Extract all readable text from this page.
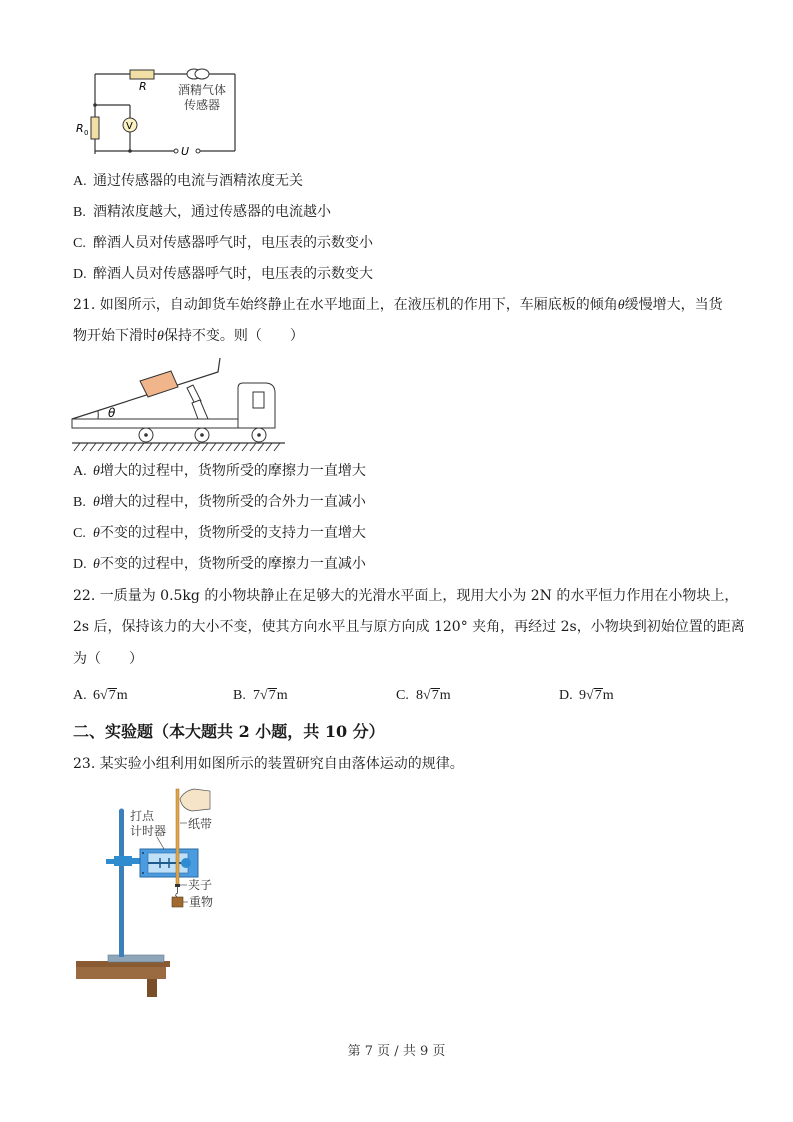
V
R
R 0
U
酒精气体
传感器
A. 通过传感器的电流与酒精浓度无关
B. 酒精浓度越大，通过传感器的电流越小
C. 醉酒人员对传感器呼气时，电压表的示数变小
D. 醉酒人员对传感器呼气时，电压表的示数变大
21. 如图所示，自动卸货车始终静止在水平地面上，在液压机的作用下，车厢底板的倾角θ缓慢增大，当货
物开始下滑时θ保持不变。则（　　）
θ
A. θ增大的过程中，货物所受的摩擦力一直增大
B. θ增大的过程中，货物所受的合外力一直减小
C. θ不变的过程中，货物所受的支持力一直增大
D. θ不变的过程中，货物所受的摩擦力一直减小
22. 一质量为 0.5kg 的小物块静止在足够大的光滑水平面上，现用大小为 2N 的水平恒力作用在小物块上，
2s 后，保持该力的大小不变，使其方向水平且与原方向成 120° 夹角，再经过 2s，小物块到初始位置的距离
为（　　）
A. 6√7m	B. 7√7m	C. 8√7m	D. 9√7m
二、实验题（本大题共 2 小题，共 10 分）
23. 某实验小组利用如图所示的装置研究自由落体运动的规律。
打点
计时器 纸带
夹子
重物
第 7 页 / 共 9 页
